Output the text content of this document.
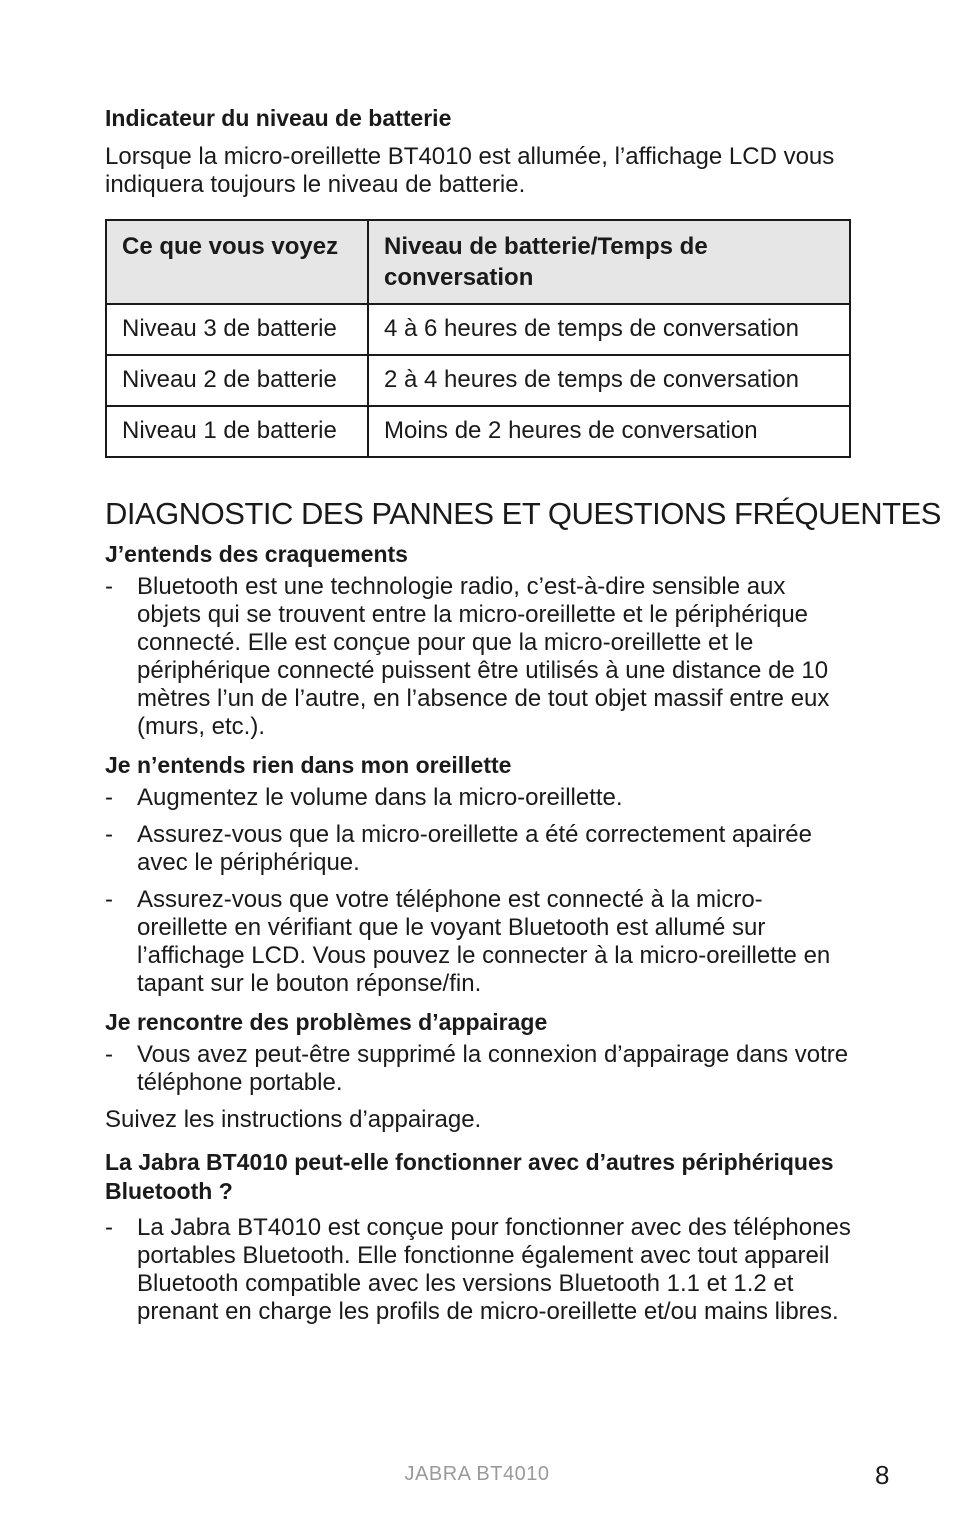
Indicateur du niveau de batterie

Lorsque la micro-oreillette BT4010 est allumée, l’affichage LCD vous indiquera toujours le niveau de batterie.

Ce que vous voyez	Niveau de batterie/Temps de conversation
Niveau 3 de batterie	4 à 6 heures de temps de conversation
Niveau 2 de batterie	2 à 4 heures de temps de conversation
Niveau 1 de batterie	Moins de 2 heures de conversation
DIAGNOSTIC DES PANNES ET QUESTIONS FRÉQUENTES

J’entends des craquements

- Bluetooth est une technologie radio, c’est-à-dire sensible aux objets qui se trouvent entre la micro-oreillette et le périphérique connecté. Elle est conçue pour que la micro-oreillette et le périphérique connecté puissent être utilisés à une distance de 10 mètres l’un de l’autre, en l’absence de tout objet massif entre eux (murs, etc.).

Je n’entends rien dans mon oreillette

- Augmentez le volume dans la micro-oreillette.
- Assurez-vous que la micro-oreillette a été correctement apairée avec le périphérique.
- Assurez-vous que votre téléphone est connecté à la micro-oreillette en vérifiant que le voyant Bluetooth est allumé sur l’affichage LCD. Vous pouvez le connecter à la micro-oreillette en tapant sur le bouton réponse/fin.

Je rencontre des problèmes d’appairage

- Vous avez peut-être supprimé la connexion d’appairage dans votre téléphone portable.

Suivez les instructions d’appairage.

La Jabra BT4010 peut-elle fonctionner avec d’autres périphériques Bluetooth ?

- La Jabra BT4010 est conçue pour fonctionner avec des téléphones portables Bluetooth. Elle fonctionne également avec tout appareil Bluetooth compatible avec les versions Bluetooth 1.1 et 1.2 et prenant en charge les profils de micro-oreillette et/ou mains libres.
JABRA BT4010	8
